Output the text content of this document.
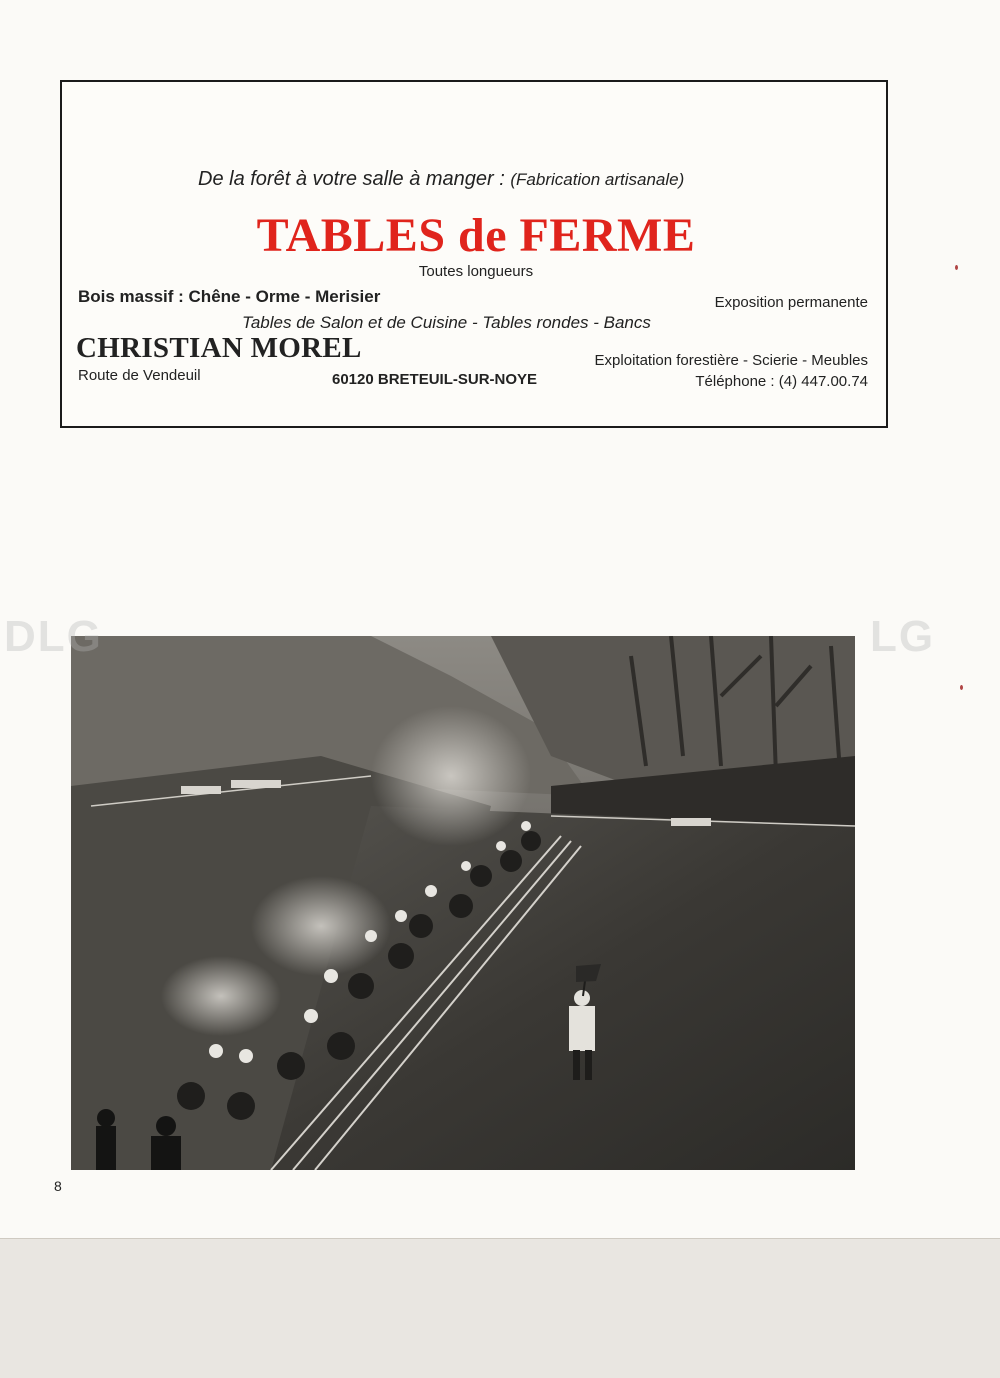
De la forêt à votre salle à manger : (Fabrication artisanale)
TABLES de FERME
Toutes longueurs
Bois massif : Chêne - Orme - Merisier	Exposition permanente
Tables de Salon et de Cuisine - Tables rondes - Bancs
CHRISTIAN MOREL	Exploitation forestière - Scierie - Meubles
Route de Vendeuil	60120 BRETEUIL-SUR-NOYE	Téléphone : (4) 447.00.74
DLG	LG
8
